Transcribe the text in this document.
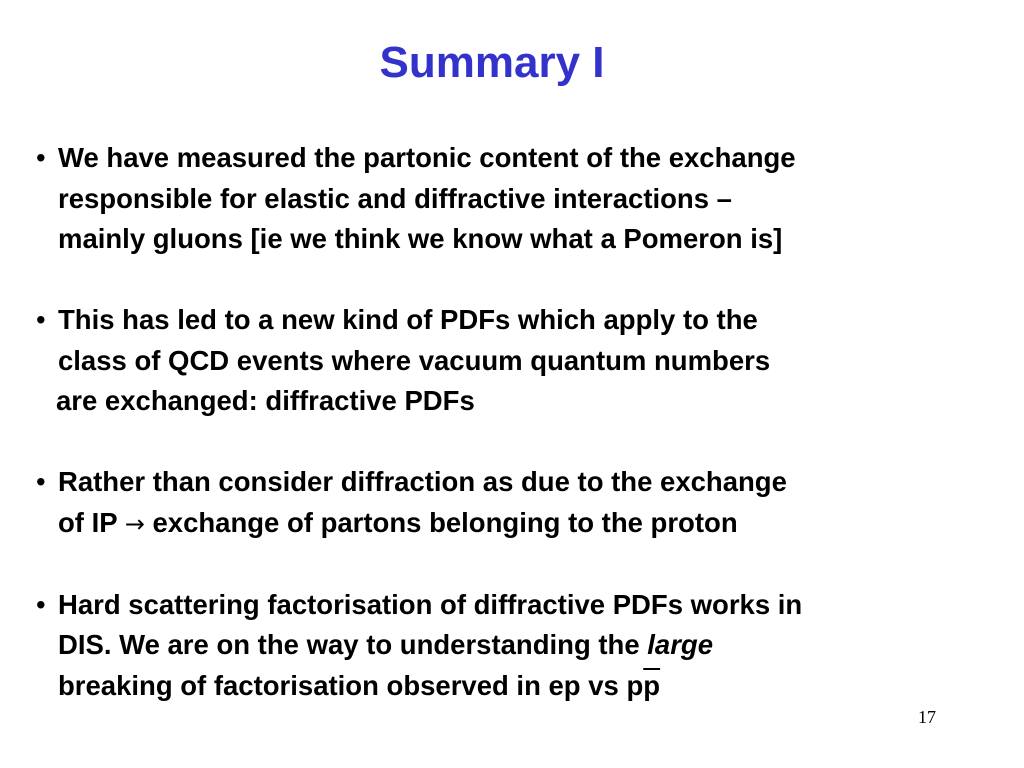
Summary I
• We have measured the partonic content of the exchange
responsible for elastic and diffractive interactions –
mainly gluons [ie we think we know what a Pomeron is]
• This has led to a new kind of PDFs which apply to the
class of QCD events where vacuum quantum numbers
are exchanged: diffractive PDFs
• Rather than consider diffraction as due to the exchange
of IP → exchange of partons belonging to the proton
• Hard scattering factorisation of diffractive PDFs works in
DIS. We are on the way to understanding the large
breaking of factorisation observed in ep vs $p\overline{p}$
17
